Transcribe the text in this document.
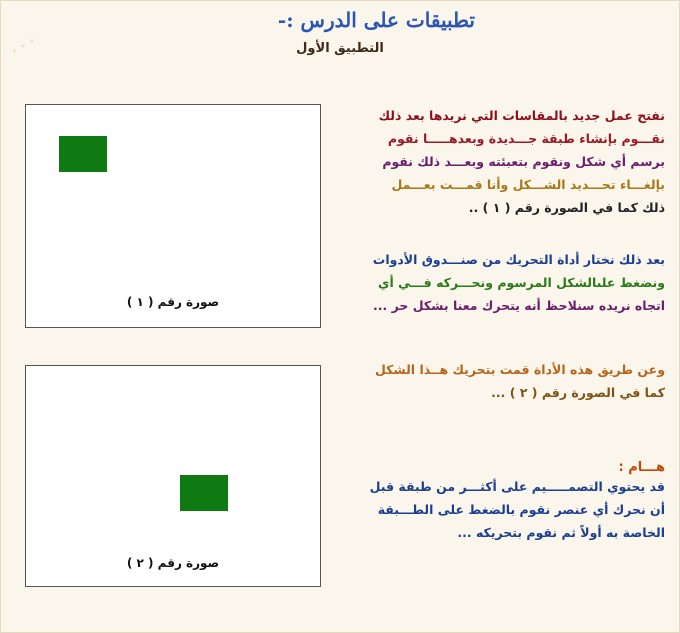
• • •
تطبيقات على الدرس :-
التطبيق الأول
صورة رقم ( ١ )
صورة رقم ( ٢ )
نفتح عمل جديد بالمقاسات التي نريدها بعد ذلك
نقـــوم بإنشاء طبقة جـــديدة وبعدهـــــا نقوم
برسم أي شكل ونقوم بتعبئته وبعـــد ذلك نقوم
بإلغـــاء تحـــديد الشـــكل وأنا قمـــت بعـــمل
ذلك كما في الصورة رقم ( ١ ) ..
بعد ذلك نختار أداة التحريك من صنـــدوق الأدوات
ونضغط علىالشكل المرسوم ونحـــركه فـــي أي
اتجاه نريده سنلاحظ أنه يتحرك معنا بشكل حر ...
وعن طريق هذه الأداة قمت بتحريك هــذا الشكل
كما في الصورة رقم ( ٢ ) ...
هـــام :
قد يحتوي التصمـــــيم على أكثـــر من طبقة قبل
أن نحرك أي عنصر نقوم بالضغط على الطـــبقة
الخاصة به أولاً ثم نقوم بتحريكه ...
